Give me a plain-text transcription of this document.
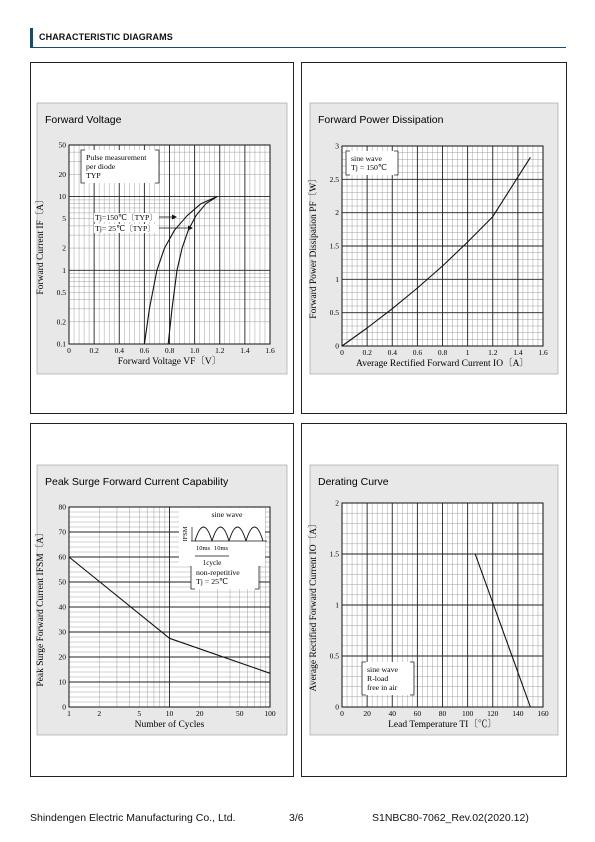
CHARACTERISTIC DIAGRAMS
0 0.2 0.4 0.6 0.8 1.0 1.2 1.4 1.6
0.1
0.2
0.5
1
2
5
10
20
50
Forward Voltage
Forward Voltage VF〔V〕
Forward Current IF〔A〕
Pulse measurement
per diode
TYP
Tj=150℃〔TYP〕
Tj= 25℃〔TYP〕
0 0.2 0.4 0.6 0.8 1 1.2 1.4 1.6
0
0.5
1
1.5
2
2.5
3
Forward Power Dissipation
Average Rectified Forward Current IO〔A〕
Forward Power Dissipation PF〔W〕
sine wave
Tj = 150℃
1	2	5	10	20	50	100
0
10
20
30
40
50
60
70
80
Peak Surge Forward Current Capability
Number of Cycles
Peak Surge Forward Current IFSM〔A〕	non-repetitive
Tj = 25℃
sine wave
IFSM
10ms 10ms
1cycle
0	20 40 60 80 100 120 140 160
0
0.5
1
1.5
2
Derating Curve
Lead Temperature TI〔℃〕
Average Rectified Forward Current IO〔A〕	sine wave
R-load
free in air
Shindengen Electric Manufacturing Co., Ltd.	3/6	S1NBC80-7062_Rev.02(2020.12)
